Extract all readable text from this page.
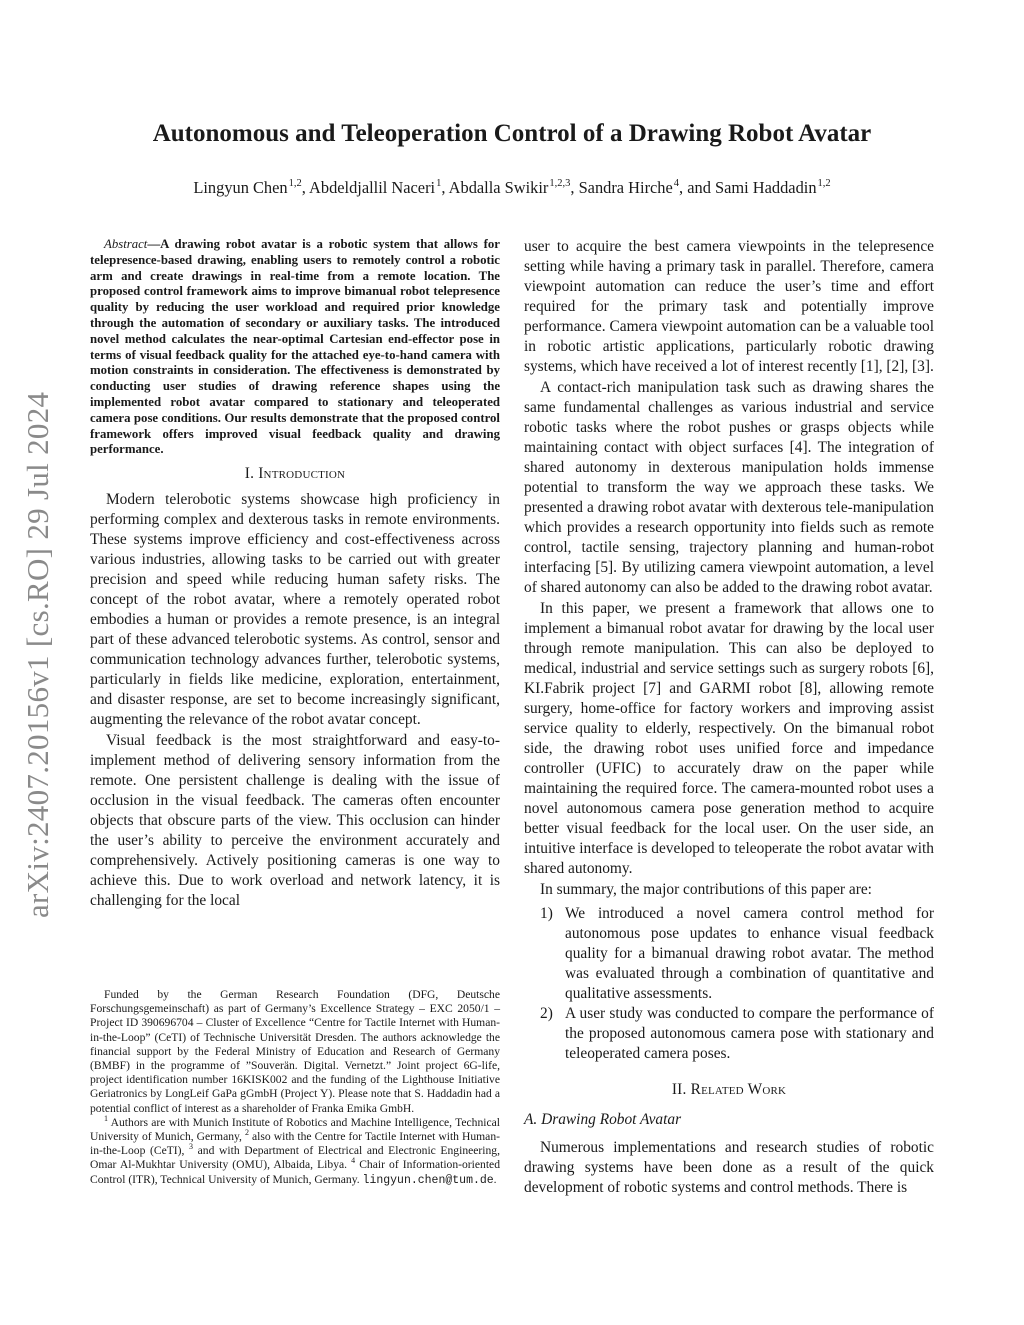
arXiv:2407.20156v1 [cs.RO] 29 Jul 2024
Autonomous and Teleoperation Control of a Drawing Robot Avatar
Lingyun Chen$^{1,2}$, Abdeldjallil Naceri$^1$, Abdalla Swikir$^{1,2,3}$, Sandra Hirche$^4$, and Sami Haddadin$^{1,2}$

Abstract—A drawing robot avatar is a robotic system that allows for telepresence-based drawing, enabling users to remotely control a robotic arm and create drawings in real-time from a remote location. The proposed control framework aims to improve bimanual robot telepresence quality by reducing the user workload and required prior knowledge through the automation of secondary or auxiliary tasks. The introduced novel method calculates the near-optimal Cartesian end-effector pose in terms of visual feedback quality for the attached eye-to-hand camera with motion constraints in consideration. The effectiveness is demonstrated by conducting user studies of drawing reference shapes using the implemented robot avatar compared to stationary and teleoperated camera pose conditions. Our results demonstrate that the proposed control framework offers improved visual feedback quality and drawing performance.

I. Introduction

Modern telerobotic systems showcase high proficiency in performing complex and dexterous tasks in remote environments. These systems improve efficiency and cost-effectiveness across various industries, allowing tasks to be carried out with greater precision and speed while reducing human safety risks. The concept of the robot avatar, where a remotely operated robot embodies a human or provides a remote presence, is an integral part of these advanced telerobotic systems. As control, sensor and communication technology advances further, telerobotic systems, particularly in fields like medicine, exploration, entertainment, and disaster response, are set to become increasingly significant, augmenting the relevance of the robot avatar concept.

Visual feedback is the most straightforward and easy-to-implement method of delivering sensory information from the remote. One persistent challenge is dealing with the issue of occlusion in the visual feedback. The cameras often encounter objects that obscure parts of the view. This occlusion can hinder the user’s ability to perceive the environment accurately and comprehensively. Actively positioning cameras is one way to achieve this. Due to work overload and network latency, it is challenging for the local

Funded by the German Research Foundation (DFG, Deutsche Forschungsgemeinschaft) as part of Germany’s Excellence Strategy – EXC 2050/1 – Project ID 390696704 – Cluster of Excellence “Centre for Tactile Internet with Human-in-the-Loop” (CeTI) of Technische Universität Dresden. The authors acknowledge the financial support by the Federal Ministry of Education and Research of Germany (BMBF) in the programme of ”Souverän. Digital. Vernetzt.” Joint project 6G-life, project identification number 16KISK002 and the funding of the Lighthouse Initiative Geriatronics by LongLeif GaPa gGmbH (Project Y). Please note that S. Haddadin had a potential conflict of interest as a shareholder of Franka Emika GmbH.

$^1$ Authors are with Munich Institute of Robotics and Machine Intelligence, Technical University of Munich, Germany, $^2$ also with the Centre for Tactile Internet with Human-in-the-Loop (CeTI), $^3$ and with Department of Electrical and Electronic Engineering, Omar Al-Mukhtar University (OMU), Albaida, Libya. $^4$ Chair of Information-oriented Control (ITR), Technical University of Munich, Germany. lingyun.chen@tum.de.

user to acquire the best camera viewpoints in the telepresence setting while having a primary task in parallel. Therefore, camera viewpoint automation can reduce the user’s time and effort required for the primary task and potentially improve performance. Camera viewpoint automation can be a valuable tool in robotic artistic applications, particularly robotic drawing systems, which have received a lot of interest recently [1], [2], [3].

A contact-rich manipulation task such as drawing shares the same fundamental challenges as various industrial and service robotic tasks where the robot pushes or grasps objects while maintaining contact with object surfaces [4]. The integration of shared autonomy in dexterous manipulation holds immense potential to transform the way we approach these tasks. We presented a drawing robot avatar with dexterous tele-manipulation which provides a research opportunity into fields such as remote control, tactile sensing, trajectory planning and human-robot interfacing [5]. By utilizing camera viewpoint automation, a level of shared autonomy can also be added to the drawing robot avatar.

In this paper, we present a framework that allows one to implement a bimanual robot avatar for drawing by the local user through remote manipulation. This can also be deployed to medical, industrial and service settings such as surgery robots [6], KI.Fabrik project [7] and GARMI robot [8], allowing remote surgery, home-office for factory workers and improving assist service quality to elderly, respectively. On the bimanual robot side, the drawing robot uses unified force and impedance controller (UFIC) to accurately draw on the paper while maintaining the required force. The camera-mounted robot uses a novel autonomous camera pose generation method to acquire better visual feedback for the local user. On the user side, an intuitive interface is developed to teleoperate the robot avatar with shared autonomy.

In summary, the major contributions of this paper are:

1) We introduced a novel camera control method for autonomous pose updates to enhance visual feedback quality for a bimanual drawing robot avatar. The method was evaluated through a combination of quantitative and qualitative assessments.
2) A user study was conducted to compare the performance of the proposed autonomous camera pose with stationary and teleoperated camera poses.
II. Related Work
A. Drawing Robot Avatar

Numerous implementations and research studies of robotic drawing systems have been done as a result of the quick development of robotic systems and control methods. There is
